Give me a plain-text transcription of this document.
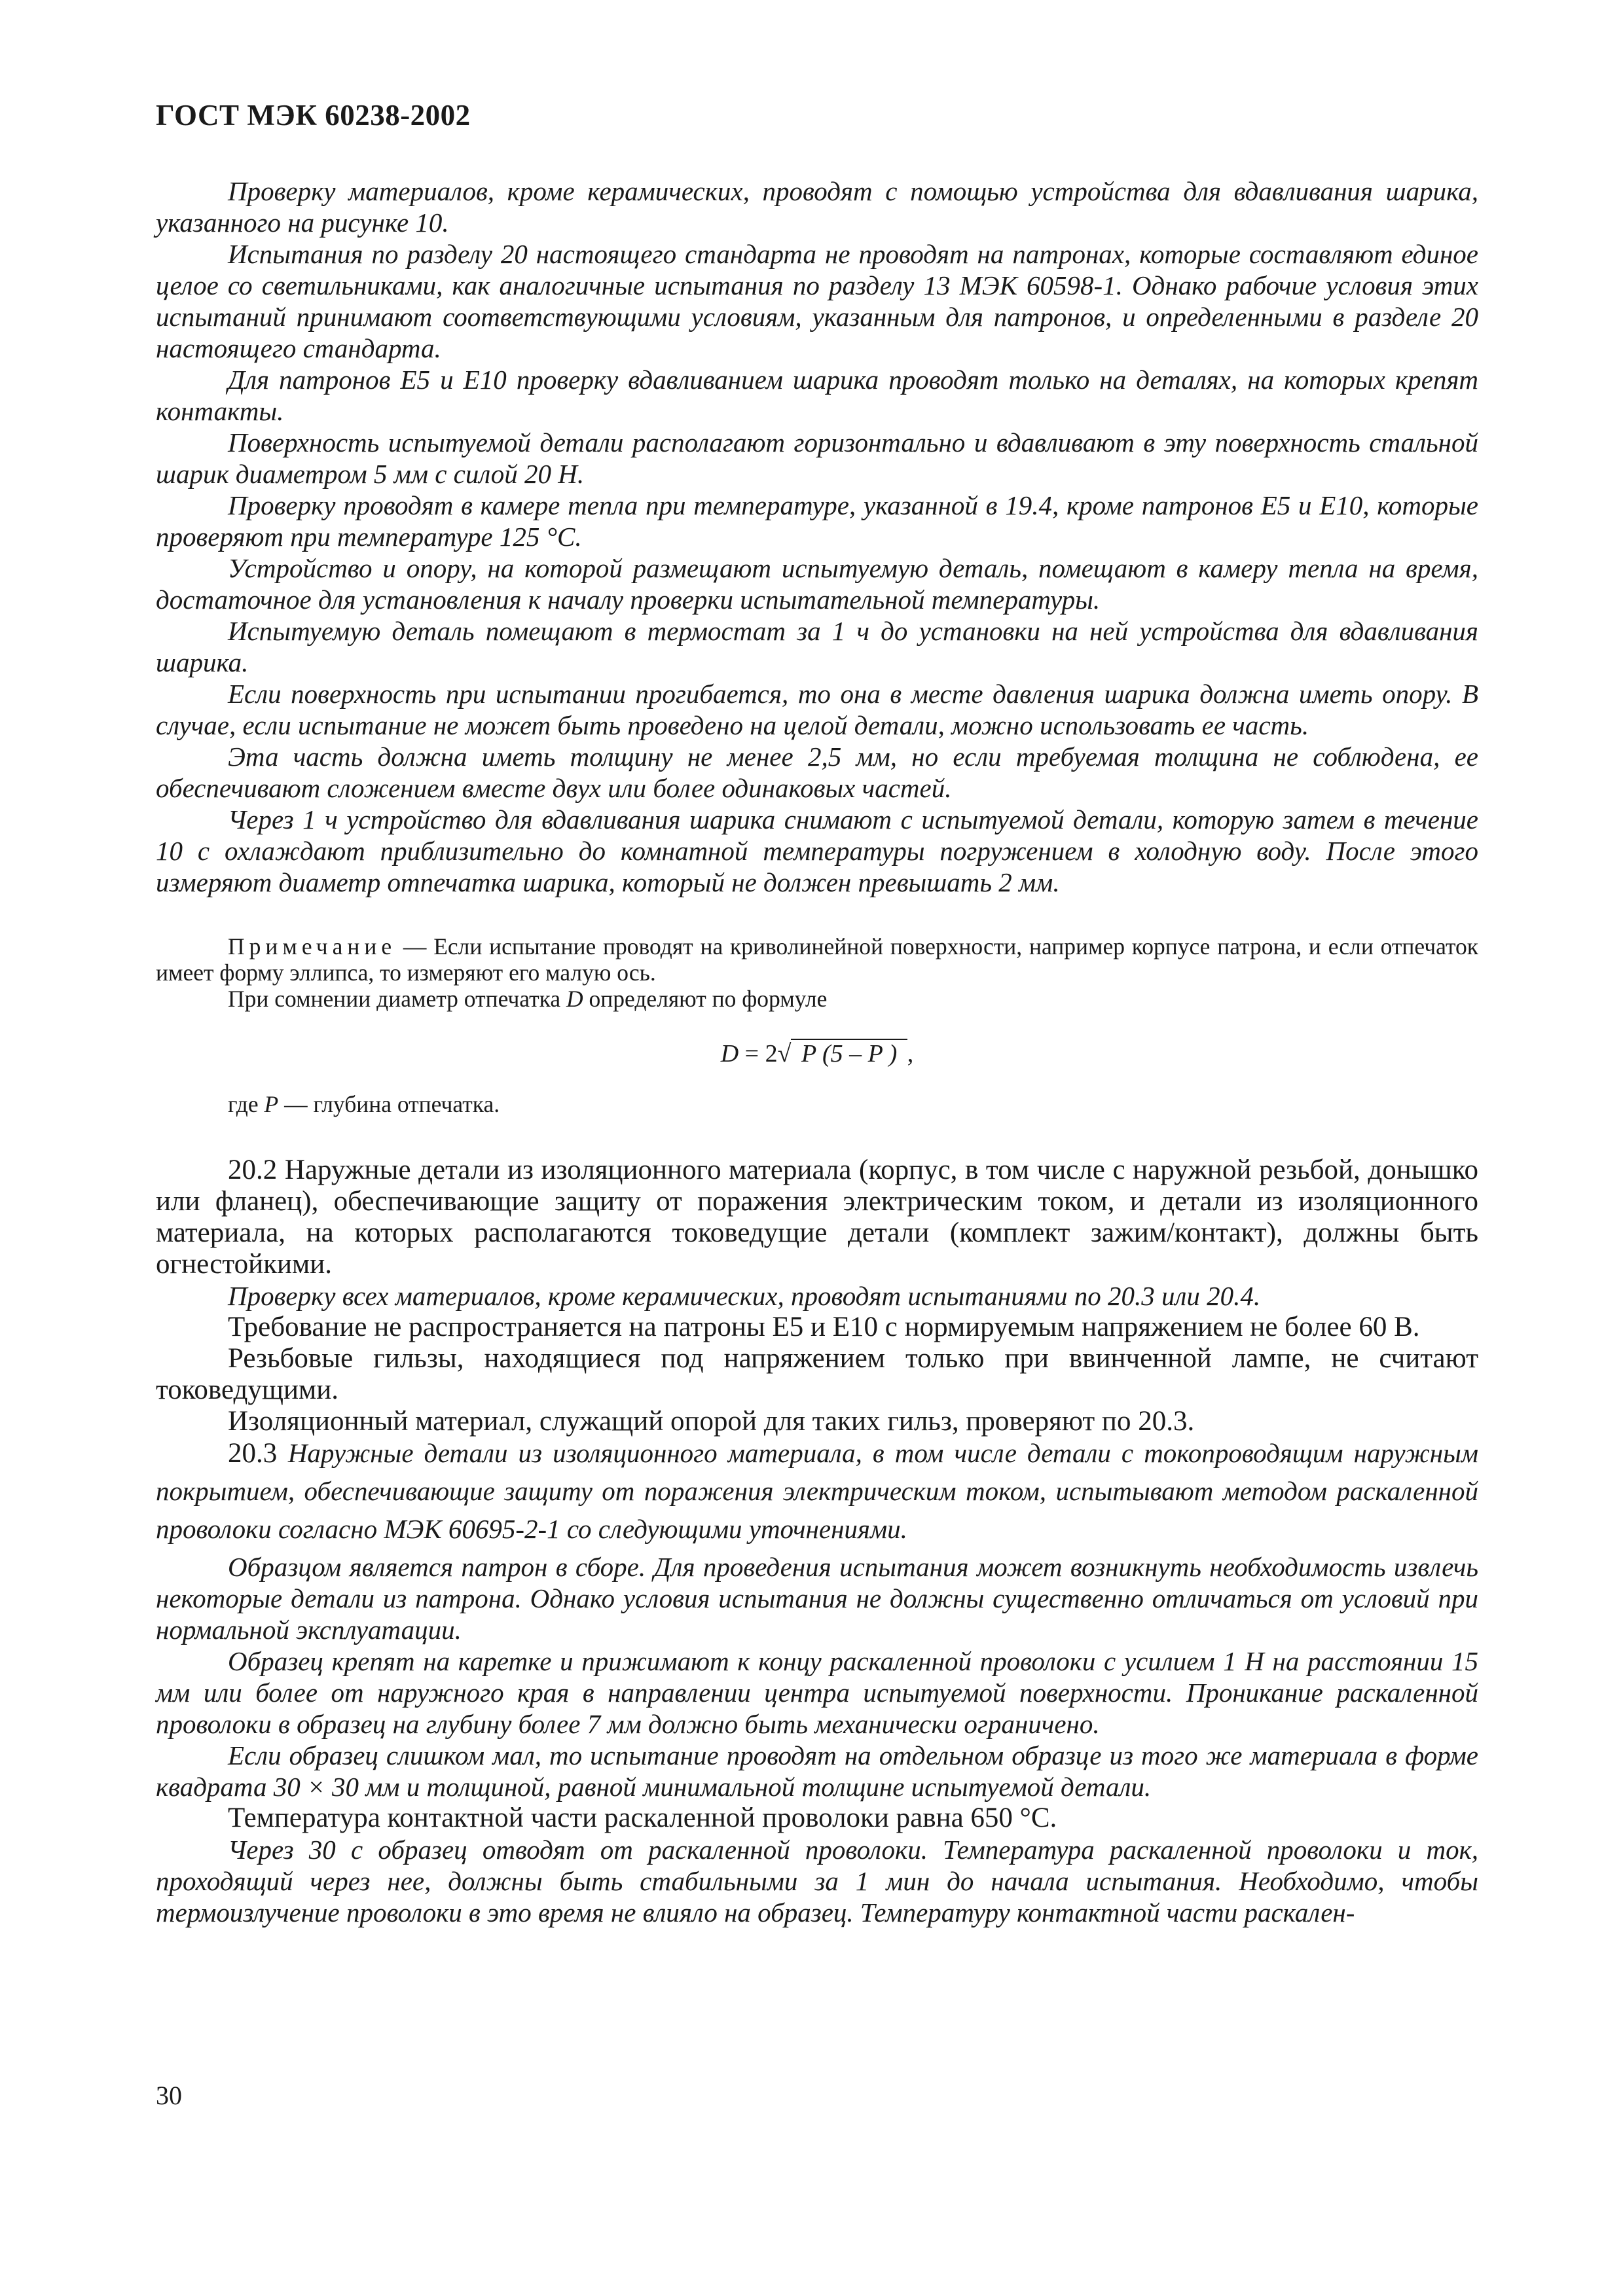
ГОСТ МЭК 60238-2002

Проверку материалов, кроме керамических, проводят с помощью устройства для вдавливания шарика, указанного на рисунке 10.

Испытания по разделу 20 настоящего стандарта не проводят на патронах, которые составляют единое целое со светильниками, как аналогичные испытания по разделу 13 МЭК 60598-1. Однако рабочие условия этих испытаний принимают соответствующими условиям, указанным для патронов, и определенными в разделе 20 настоящего стандарта.

Для патронов Е5 и Е10 проверку вдавливанием шарика проводят только на деталях, на которых крепят контакты.

Поверхность испытуемой детали располагают горизонтально и вдавливают в эту поверхность стальной шарик диаметром 5 мм с силой 20 Н.

Проверку проводят в камере тепла при температуре, указанной в 19.4, кроме патронов Е5 и Е10, которые проверяют при температуре 125 °С.

Устройство и опору, на которой размещают испытуемую деталь, помещают в камеру тепла на время, достаточное для установления к началу проверки испытательной температуры.

Испытуемую деталь помещают в термостат за 1 ч до установки на ней устройства для вдавливания шарика.

Если поверхность при испытании прогибается, то она в месте давления шарика должна иметь опору. В случае, если испытание не может быть проведено на целой детали, можно использовать ее часть.

Эта часть должна иметь толщину не менее 2,5 мм, но если требуемая толщина не соблюдена, ее обеспечивают сложением вместе двух или более одинаковых частей.

Через 1 ч устройство для вдавливания шарика снимают с испытуемой детали, которую затем в течение 10 с охлаждают приблизительно до комнатной температуры погружением в холодную воду. После этого измеряют диаметр отпечатка шарика, который не должен превышать 2 мм.

Примечание — Если испытание проводят на криволинейной поверхности, например корпусе патрона, и если отпечаток имеет форму эллипса, то измеряют его малую ось.

При сомнении диаметр отпечатка D определяют по формуле

D = 2√ P (5 – P ) ,

где P — глубина отпечатка.

20.2 Наружные детали из изоляционного материала (корпус, в том числе с наружной резьбой, донышко или фланец), обеспечивающие защиту от поражения электрическим током, и детали из изоляционного материала, на которых располагаются токоведущие детали (комплект зажим/контакт), должны быть огнестойкими.

Проверку всех материалов, кроме керамических, проводят испытаниями по 20.3 или 20.4.

Требование не распространяется на патроны Е5 и Е10 с нормируемым напряжением не более 60 В.

Резьбовые гильзы, находящиеся под напряжением только при ввинченной лампе, не считают токоведущими.

Изоляционный материал, служащий опорой для таких гильз, проверяют по 20.3.

20.3 Наружные детали из изоляционного материала, в том числе детали с токопроводящим наружным покрытием, обеспечивающие защиту от поражения электрическим током, испытывают методом раскаленной проволоки согласно МЭК 60695-2-1 со следующими уточнениями.

Образцом является патрон в сборе. Для проведения испытания может возникнуть необходимость извлечь некоторые детали из патрона. Однако условия испытания не должны существенно отличаться от условий при нормальной эксплуатации.

Образец крепят на каретке и прижимают к концу раскаленной проволоки с усилием 1 Н на расстоянии 15 мм или более от наружного края в направлении центра испытуемой поверхности. Проникание раскаленной проволоки в образец на глубину более 7 мм должно быть механически ограничено.

Если образец слишком мал, то испытание проводят на отдельном образце из того же материала в форме квадрата 30 × 30 мм и толщиной, равной минимальной толщине испытуемой детали.

Температура контактной части раскаленной проволоки равна 650 °С.

Через 30 с образец отводят от раскаленной проволоки. Температура раскаленной проволоки и ток, проходящий через нее, должны быть стабильными за 1 мин до начала испытания. Необходимо, чтобы термоизлучение проволоки в это время не влияло на образец. Температуру контактной части раскален-

30
